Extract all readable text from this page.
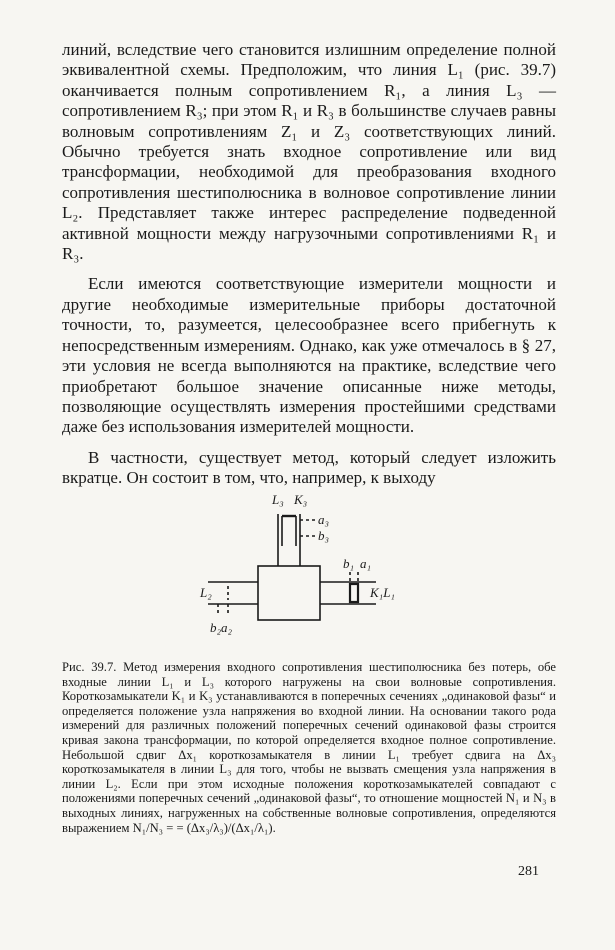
линий, вследствие чего становится излишним определение полной эквивалентной схемы. Предположим, что линия L₁ (рис. 39.7) оканчивается полным сопротивлением R₁, а линия L₃ — сопротивлением R₃; при этом R₁ и R₃ в большинстве случаев равны волновым сопротивлениям Z₁ и Z₃ соответствующих линий. Обычно требуется знать входное сопротивление или вид трансформации, необходимой для преобразования входного сопротивления шестиполюсника в волновое сопротивление линии L₂. Представляет также интерес распределение подведенной активной мощности между нагрузочными сопротивлениями R₁ и R₃.

Если имеются соответствующие измерители мощности и другие необходимые измерительные приборы достаточной точности, то, разумеется, целесообразнее всего прибегнуть к непосредственным измерениям. Однако, как уже отмечалось в § 27, эти условия не всегда выполняются на практике, вследствие чего приобретают большое значение описанные ниже методы, позволяющие осуществлять измерения простейшими средствами даже без использования измерителей мощности.

В частности, существует метод, который следует изложить вкратце. Он состоит в том, что, например, к выходу

L₃ K₃
a₃
b₃
b₁ a₁
K₁L₁
L₂
b₂a₂

Рис. 39.7. Метод измерения входного сопротивления шестиполюсника без потерь, обе входные линии L₁ и L₃ которого нагружены на свои волновые сопротивления. Короткозамыкатели K₁ и K₃ устанавливаются в поперечных сечениях „одинаковой фазы“ и определяется положение узла напряжения во входной линии. На основании такого рода измерений для различных положений поперечных сечений одинаковой фазы строится кривая закона трансформации, по которой определяется входное полное сопротивление. Небольшой сдвиг Δx₁ короткозамыкателя в линии L₁ требует сдвига на Δx₃ короткозамыкателя в линии L₃ для того, чтобы не вызвать смещения узла напряжения в линии L₂. Если при этом исходные положения короткозамыкателей совпадают с положениями поперечных сечений „одинаковой фазы“, то отношение мощностей N₁ и N₃ в выходных линиях, нагруженных на собственные волновые сопротивления, определяются выражением N₁/N₃ = = (Δx₃/λ₃)/(Δx₁/λ₁).

281
